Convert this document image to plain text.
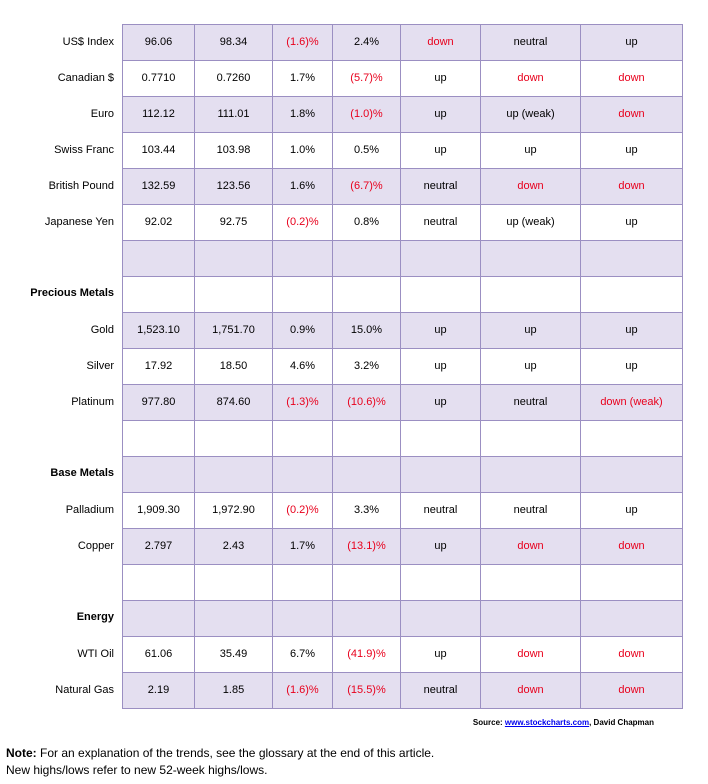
US$ Index	96.06	98.34	(1.6)%	2.4%	down	neutral	up
Canadian $	0.7710	0.7260	1.7%	(5.7)%	up	down	down
Euro	112.12	111.01	1.8%	(1.0)%	up	up (weak)	down
Swiss Franc	103.44	103.98	1.0%	0.5%	up	up	up
British Pound	132.59	123.56	1.6%	(6.7)%	neutral	down	down
Japanese Yen	92.02	92.75	(0.2)%	0.8%	neutral	up (weak)	up
Precious Metals
Gold	1,523.10	1,751.70	0.9%	15.0%	up	up	up
Silver	17.92	18.50	4.6%	3.2%	up	up	up
Platinum	977.80	874.60	(1.3)%	(10.6)%	up	neutral	down (weak)
Base Metals
Palladium	1,909.30	1,972.90	(0.2)%	3.3%	neutral	neutral	up
Copper	2.797	2.43	1.7%	(13.1)%	up	down	down
Energy
WTI Oil	61.06	35.49	6.7%	(41.9)%	up	down	down
Natural Gas	2.19	1.85	(1.6)%	(15.5)%	neutral	down	down
Source: www.stockcharts.com, David Chapman
Note: For an explanation of the trends, see the glossary at the end of this article.
New highs/lows refer to new 52-week highs/lows.
